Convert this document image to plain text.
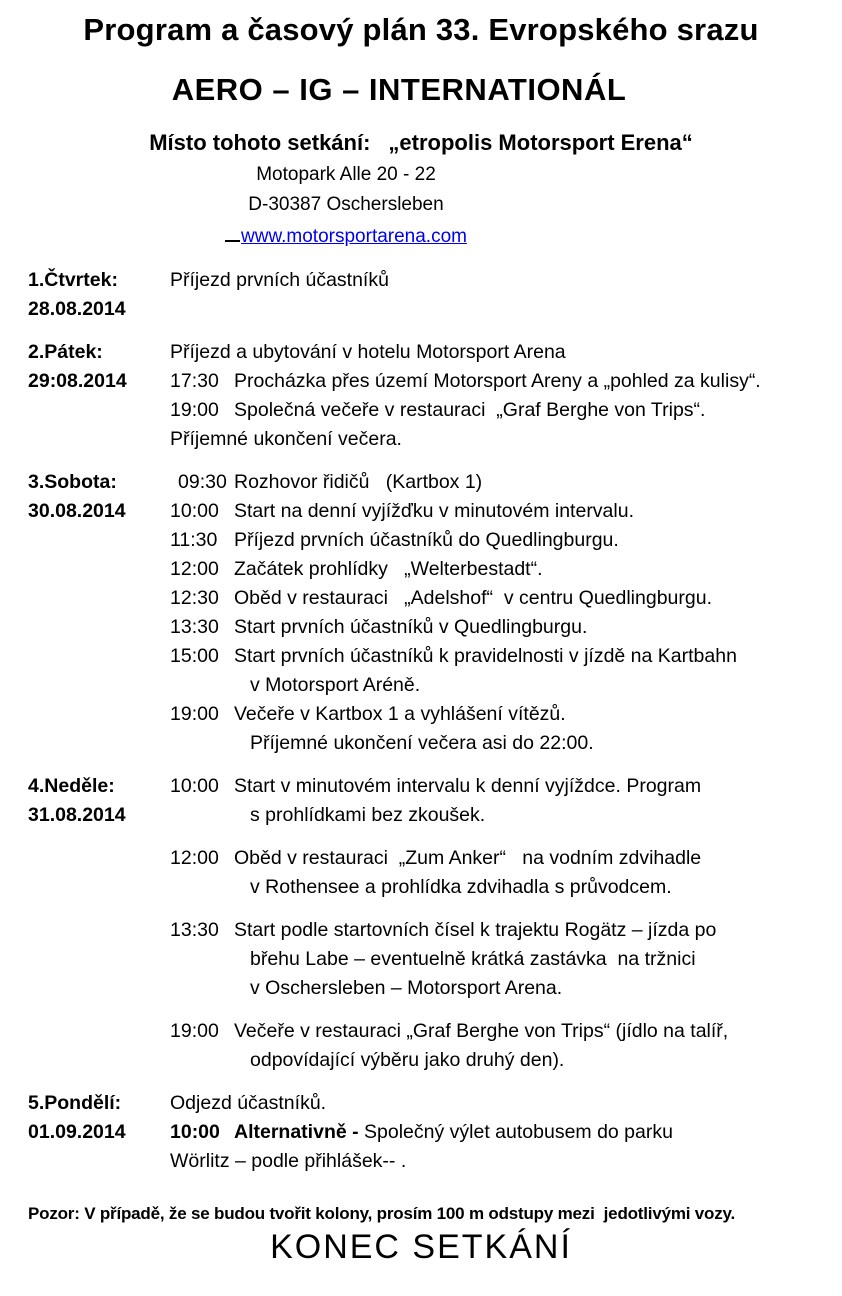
Program a časový plán 33. Evropského srazu
AERO – IG – INTERNATIONÁL
Místo tohoto setkání: „etropolis Motorsport Erena“
Motopark Alle 20 - 22
D-30387 Oschersleben
www.motorsportarena.com
1.Čtvrtek:
28.08.2014
Příjezd prvních účastníků
2.Pátek:
29:08.2014
Příjezd a ubytování v hotelu Motorsport Arena
17:30 Procházka přes území Motorsport Areny a „pohled za kulisy“.
19:00 Společná večeře v restauraci  „Graf Berghe von Trips“.
Příjemné ukončení večera.
3.Sobota:
30.08.2014
09:30 Rozhovor řidičů   (Kartbox 1)
10:00 Start na denní vyjížďku v minutovém intervalu.
11:30 Příjezd prvních účastníků do Quedlingburgu.
12:00 Začátek prohlídky   „Welterbestadt“.
12:30 Oběd v restauraci   „Adelshof“  v centru Quedlingburgu.
13:30 Start prvních účastníků v Quedlingburgu.
15:00 Start prvních účastníků k pravidelnosti v jízdě na Kartbahn
v Motorsport Aréně.
19:00 Večeře v Kartbox 1 a vyhlášení vítězů.
Příjemné ukončení večera asi do 22:00.
4.Neděle:
31.08.2014
10:00 Start v minutovém intervalu k denní vyjíždce. Program
s prohlídkami bez zkoušek.
12:00 Oběd v restauraci  „Zum Anker“   na vodním zdvihadle
v Rothensee a prohlídka zdvihadla s průvodcem.
13:30 Start podle startovních čísel k trajektu Rogätz – jízda po
břehu Labe – eventuelně krátká zastávka  na tržnici
v Oschersleben – Motorsport Arena.
19:00 Večeře v restauraci „Graf Berghe von Trips“ (jídlo na talíř,
odpovídající výběru jako druhý den).
5.Pondělí:
01.09.2014
Odjezd účastníků.
10:00 Alternativně - Společný výlet autobusem do parku
Wörlitz – podle přihlášek-- .
Pozor: V případě, že se budou tvořit kolony, prosím 100 m odstupy mezi  jedotlivými vozy.
KONEC SETKÁNÍ
